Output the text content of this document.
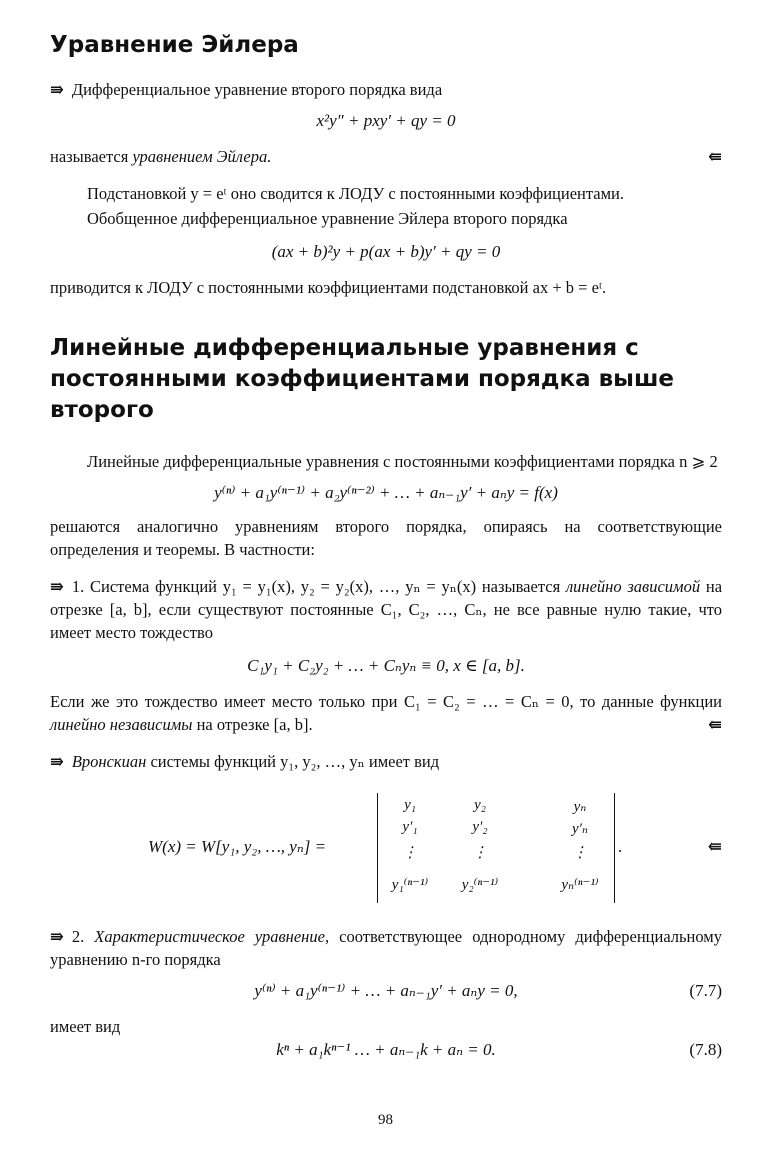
Уравнение Эйлера

⇛ Дифференциальное уравнение второго порядка вида

x²y″ + pxy′ + qy = 0

называется уравнением Эйлера.	⇚

Подстановкой y = eᵗ оно сводится к ЛОДУ с постоянными коэффициентами.

Обобщенное дифференциальное уравнение Эйлера второго порядка

(ax + b)²y + p(ax + b)y′ + qy = 0

приводится к ЛОДУ с постоянными коэффициентами подстановкой ax + b = eᵗ.

Линейные дифференциальные уравнения с постоянными коэффициентами порядка выше второго

Линейные дифференциальные уравнения с постоянными коэффициентами порядка n ⩾ 2

y⁽ⁿ⁾ + a₁y⁽ⁿ⁻¹⁾ + a₂y⁽ⁿ⁻²⁾ + … + aₙ₋₁y′ + aₙy = f(x)

решаются аналогично уравнениям второго порядка, опираясь на соответствующие определения и теоремы. В частности:

⇛ 1. Система функций y₁ = y₁(x), y₂ = y₂(x), …, yₙ = yₙ(x) называется линейно зависимой на отрезке [a, b], если существуют постоянные C₁, C₂, …, Cₙ, не все равные нулю такие, что имеет место тождество

C₁y₁ + C₂y₂ + … + Cₙyₙ ≡ 0, x ∈ [a, b].

Если же это тождество имеет место только при C₁ = C₂ = … = Cₙ = 0, то данные функции линейно независимы на отрезке [a, b].	⇚

⇛ Вронскиан системы функций y₁, y₂, …, yₙ имеет вид

W(x) = W[y₁, y₂, …, yₙ] =
y₁	y₂	yₙ
y′₁	y′₂	y′ₙ
⋮	⋮	⋮
y₁⁽ⁿ⁻¹⁾	y₂⁽ⁿ⁻¹⁾	yₙ⁽ⁿ⁻¹⁾
.	⇚

⇛ 2. Характеристическое уравнение, соответствующее однородному дифференциальному уравнению n-го порядка

y⁽ⁿ⁾ + a₁y⁽ⁿ⁻¹⁾ + … + aₙ₋₁y′ + aₙy = 0,	(7.7)

имеет вид

kⁿ + a₁kⁿ⁻¹ … + aₙ₋₁k + aₙ = 0.	(7.8)
98
